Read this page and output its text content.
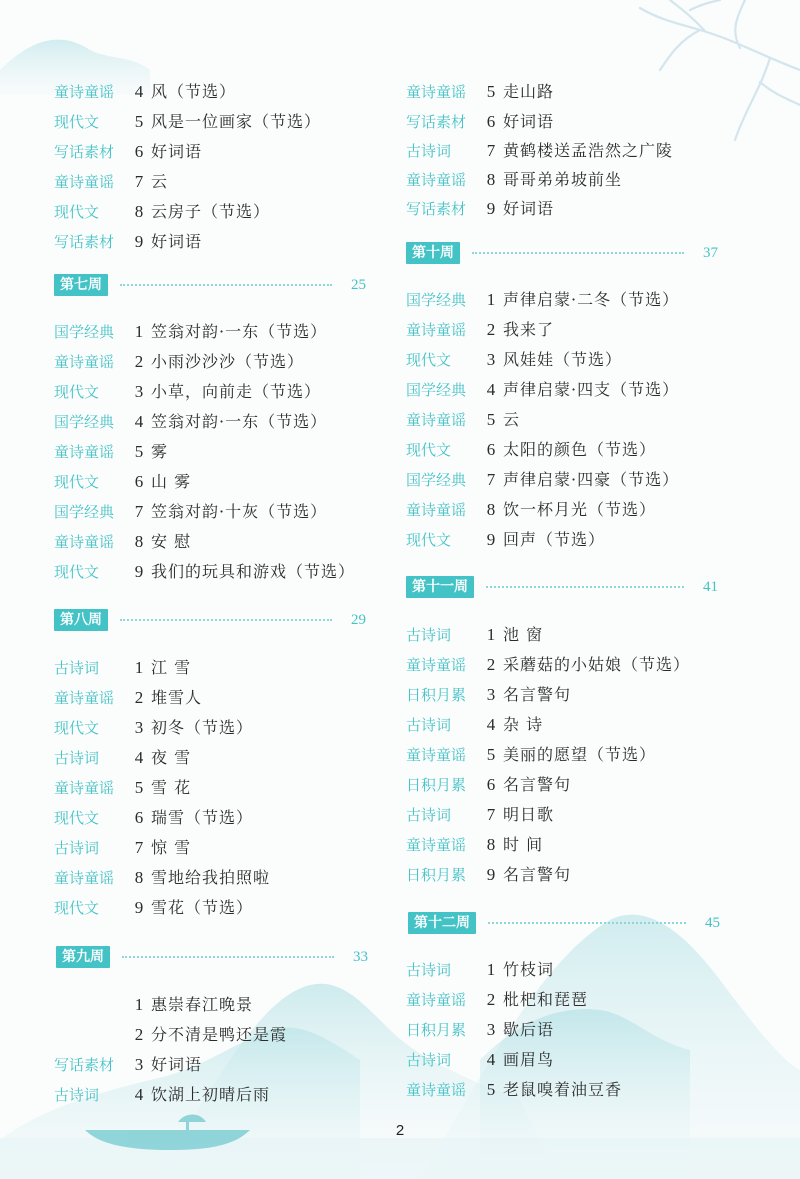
童诗童谣	4 风（节选）
现代文	5 风是一位画家（节选）
写话素材	6 好词语
童诗童谣	7 云
现代文	8 云房子（节选）
写话素材	9 好词语
第七周	25
国学经典	1 笠翁对韵·一东（节选）
童诗童谣	2 小雨沙沙沙（节选）
现代文	3 小草，向前走（节选）
国学经典	4 笠翁对韵·一东（节选）
童诗童谣	5 雾
现代文	6 山 雾
国学经典	7 笠翁对韵·十灰（节选）
童诗童谣	8 安 慰
现代文	9 我们的玩具和游戏（节选）
第八周	29
古诗词	1 江 雪
童诗童谣	2 堆雪人
现代文	3 初冬（节选）
古诗词	4 夜 雪
童诗童谣	5 雪 花
现代文	6 瑞雪（节选）
古诗词	7 惊 雪
童诗童谣	8 雪地给我拍照啦
现代文	9 雪花（节选）
第九周	33
1 惠崇春江晚景
2 分不清是鸭还是霞
写话素材	3 好词语
古诗词	4 饮湖上初晴后雨
童诗童谣	5 走山路
写话素材	6 好词语
古诗词	7 黄鹤楼送孟浩然之广陵
童诗童谣	8 哥哥弟弟坡前坐
写话素材	9 好词语
第十周	37
国学经典	1 声律启蒙·二冬（节选）
童诗童谣	2 我来了
现代文	3 风娃娃（节选）
国学经典	4 声律启蒙·四支（节选）
童诗童谣	5 云
现代文	6 太阳的颜色（节选）
国学经典	7 声律启蒙·四豪（节选）
童诗童谣	8 饮一杯月光（节选）
现代文	9 回声（节选）
第十一周	41
古诗词	1 池 窗
童诗童谣	2 采蘑菇的小姑娘（节选）
日积月累	3 名言警句
古诗词	4 杂 诗
童诗童谣	5 美丽的愿望（节选）
日积月累	6 名言警句
古诗词	7 明日歌
童诗童谣	8 时 间
日积月累	9 名言警句
第十二周	45
古诗词	1 竹枝词
童诗童谣	2 枇杷和琵琶
日积月累	3 歇后语
古诗词	4 画眉鸟
童诗童谣	5 老鼠嗅着油豆香
2
